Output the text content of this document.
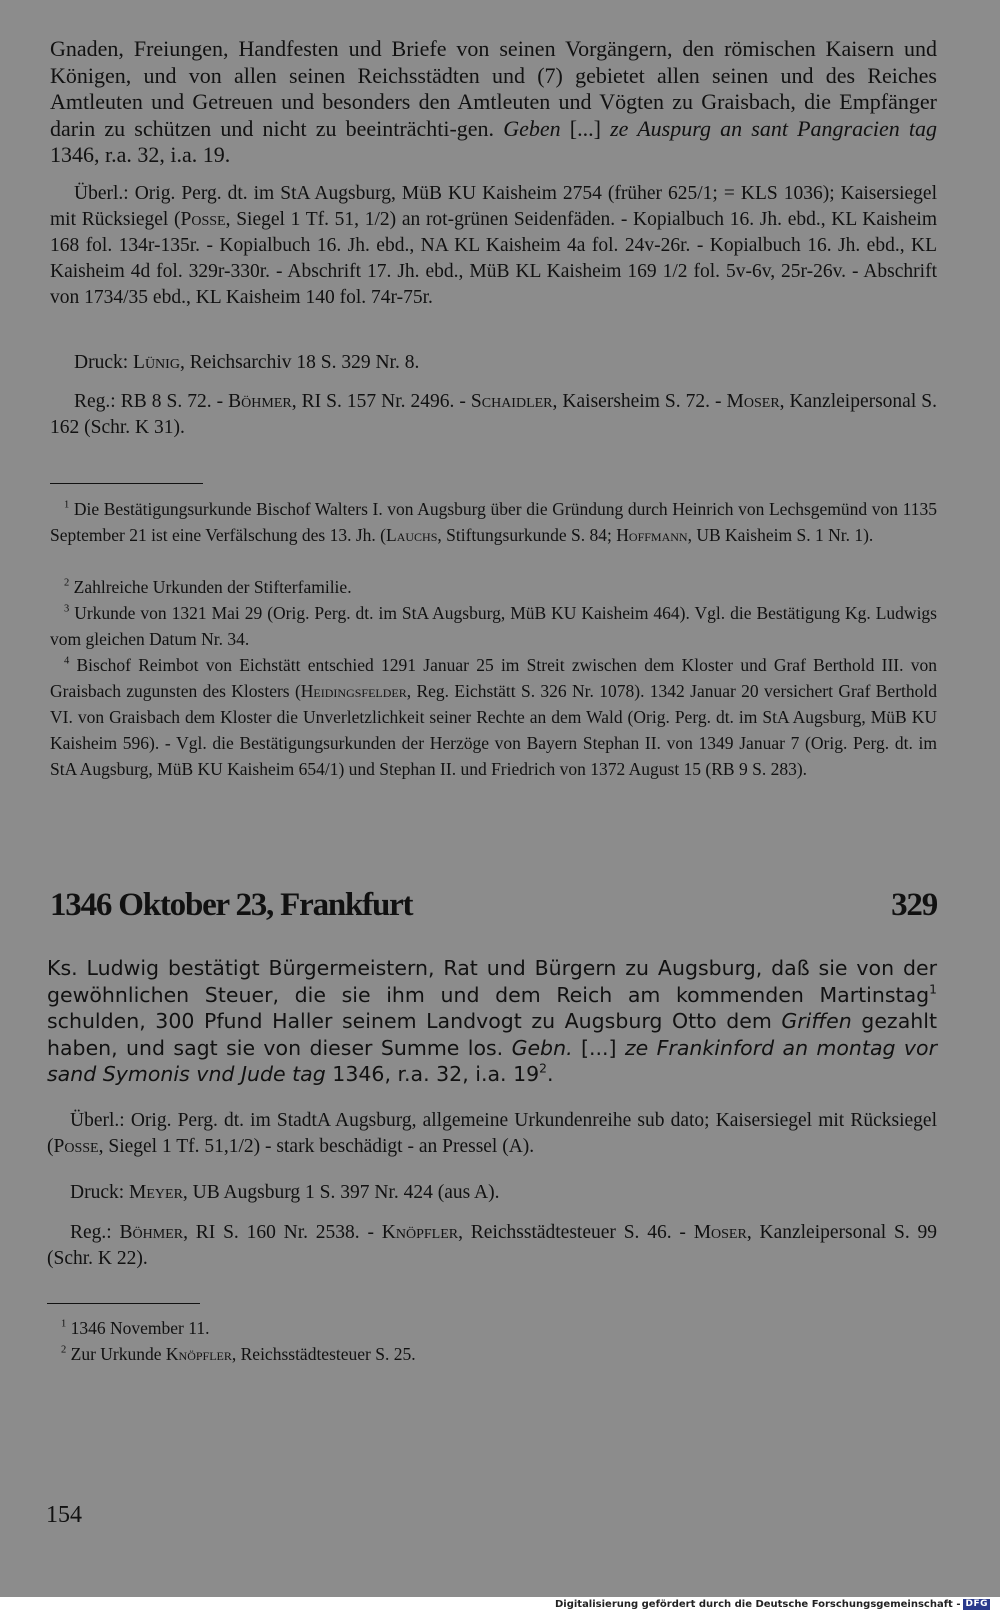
Gnaden, Freiungen, Handfesten und Briefe von seinen Vorgängern, den römischen Kaisern und Königen, und von allen seinen Reichsstädten und (7) gebietet allen seinen und des Reiches Amtleuten und Getreuen und besonders den Amtleuten und Vögten zu Graisbach, die Empfänger darin zu schützen und nicht zu beeinträchti-gen. Geben [...] ze Auspurg an sant Pangracien tag 1346, r.a. 32, i.a. 19.

Überl.: Orig. Perg. dt. im StA Augsburg, MüB KU Kaisheim 2754 (früher 625/1; = KLS 1036); Kaisersiegel mit Rücksiegel (Posse, Siegel 1 Tf. 51, 1/2) an rot-grünen Seidenfäden. - Kopialbuch 16. Jh. ebd., KL Kaisheim 168 fol. 134r-135r. - Kopialbuch 16. Jh. ebd., NA KL Kaisheim 4a fol. 24v-26r. - Kopialbuch 16. Jh. ebd., KL Kaisheim 4d fol. 329r-330r. - Abschrift 17. Jh. ebd., MüB KL Kaisheim 169 1/2 fol. 5v-6v, 25r-26v. - Abschrift von 1734/35 ebd., KL Kaisheim 140 fol. 74r-75r.

Druck: Lünig, Reichsarchiv 18 S. 329 Nr. 8.

Reg.: RB 8 S. 72. - Böhmer, RI S. 157 Nr. 2496. - Schaidler, Kaisersheim S. 72. - Moser, Kanzleipersonal S. 162 (Schr. K 31).

$^1$ Die Bestätigungsurkunde Bischof Walters I. von Augsburg über die Gründung durch Heinrich von Lechsgemünd von 1135 September 21 ist eine Verfälschung des 13. Jh. (Lauchs, Stiftungsurkunde S. 84; Hoffmann, UB Kaisheim S. 1 Nr. 1).

$^2$ Zahlreiche Urkunden der Stifterfamilie.

$^3$ Urkunde von 1321 Mai 29 (Orig. Perg. dt. im StA Augsburg, MüB KU Kaisheim 464). Vgl. die Bestätigung Kg. Ludwigs vom gleichen Datum Nr. 34.

$^4$ Bischof Reimbot von Eichstätt entschied 1291 Januar 25 im Streit zwischen dem Kloster und Graf Berthold III. von Graisbach zugunsten des Klosters (Heidingsfelder, Reg. Eichstätt S. 326 Nr. 1078). 1342 Januar 20 versichert Graf Berthold VI. von Graisbach dem Kloster die Unverletzlichkeit seiner Rechte an dem Wald (Orig. Perg. dt. im StA Augsburg, MüB KU Kaisheim 596). - Vgl. die Bestätigungsurkunden der Herzöge von Bayern Stephan II. von 1349 Januar 7 (Orig. Perg. dt. im StA Augsburg, MüB KU Kaisheim 654/1) und Stephan II. und Friedrich von 1372 August 15 (RB 9 S. 283).

1346 Oktober 23, Frankfurt	329

Ks. Ludwig bestätigt Bürgermeistern, Rat und Bürgern zu Augsburg, daß sie von der gewöhnlichen Steuer, die sie ihm und dem Reich am kommenden Martinstag$^1$ schulden, 300 Pfund Haller seinem Landvogt zu Augsburg Otto dem Griffen gezahlt haben, und sagt sie von dieser Summe los. Gebn. [...] ze Frankinford an montag vor sand Symonis vnd Jude tag 1346, r.a. 32, i.a. $19^2$.

Überl.: Orig. Perg. dt. im StadtA Augsburg, allgemeine Urkundenreihe sub dato; Kaisersiegel mit Rücksiegel (Posse, Siegel 1 Tf. 51,1/2) - stark beschädigt - an Pressel (A).

Druck: Meyer, UB Augsburg 1 S. 397 Nr. 424 (aus A).

Reg.: Böhmer, RI S. 160 Nr. 2538. - Knöpfler, Reichsstädtesteuer S. 46. - Moser, Kanzleipersonal S. 99 (Schr. K 22).

$^1$ 1346 November 11.

$^2$ Zur Urkunde Knöpfler, Reichsstädtesteuer S. 25.

154
Digitalisierung gefördert durch die Deutsche Forschungsgemeinschaft - DFG
